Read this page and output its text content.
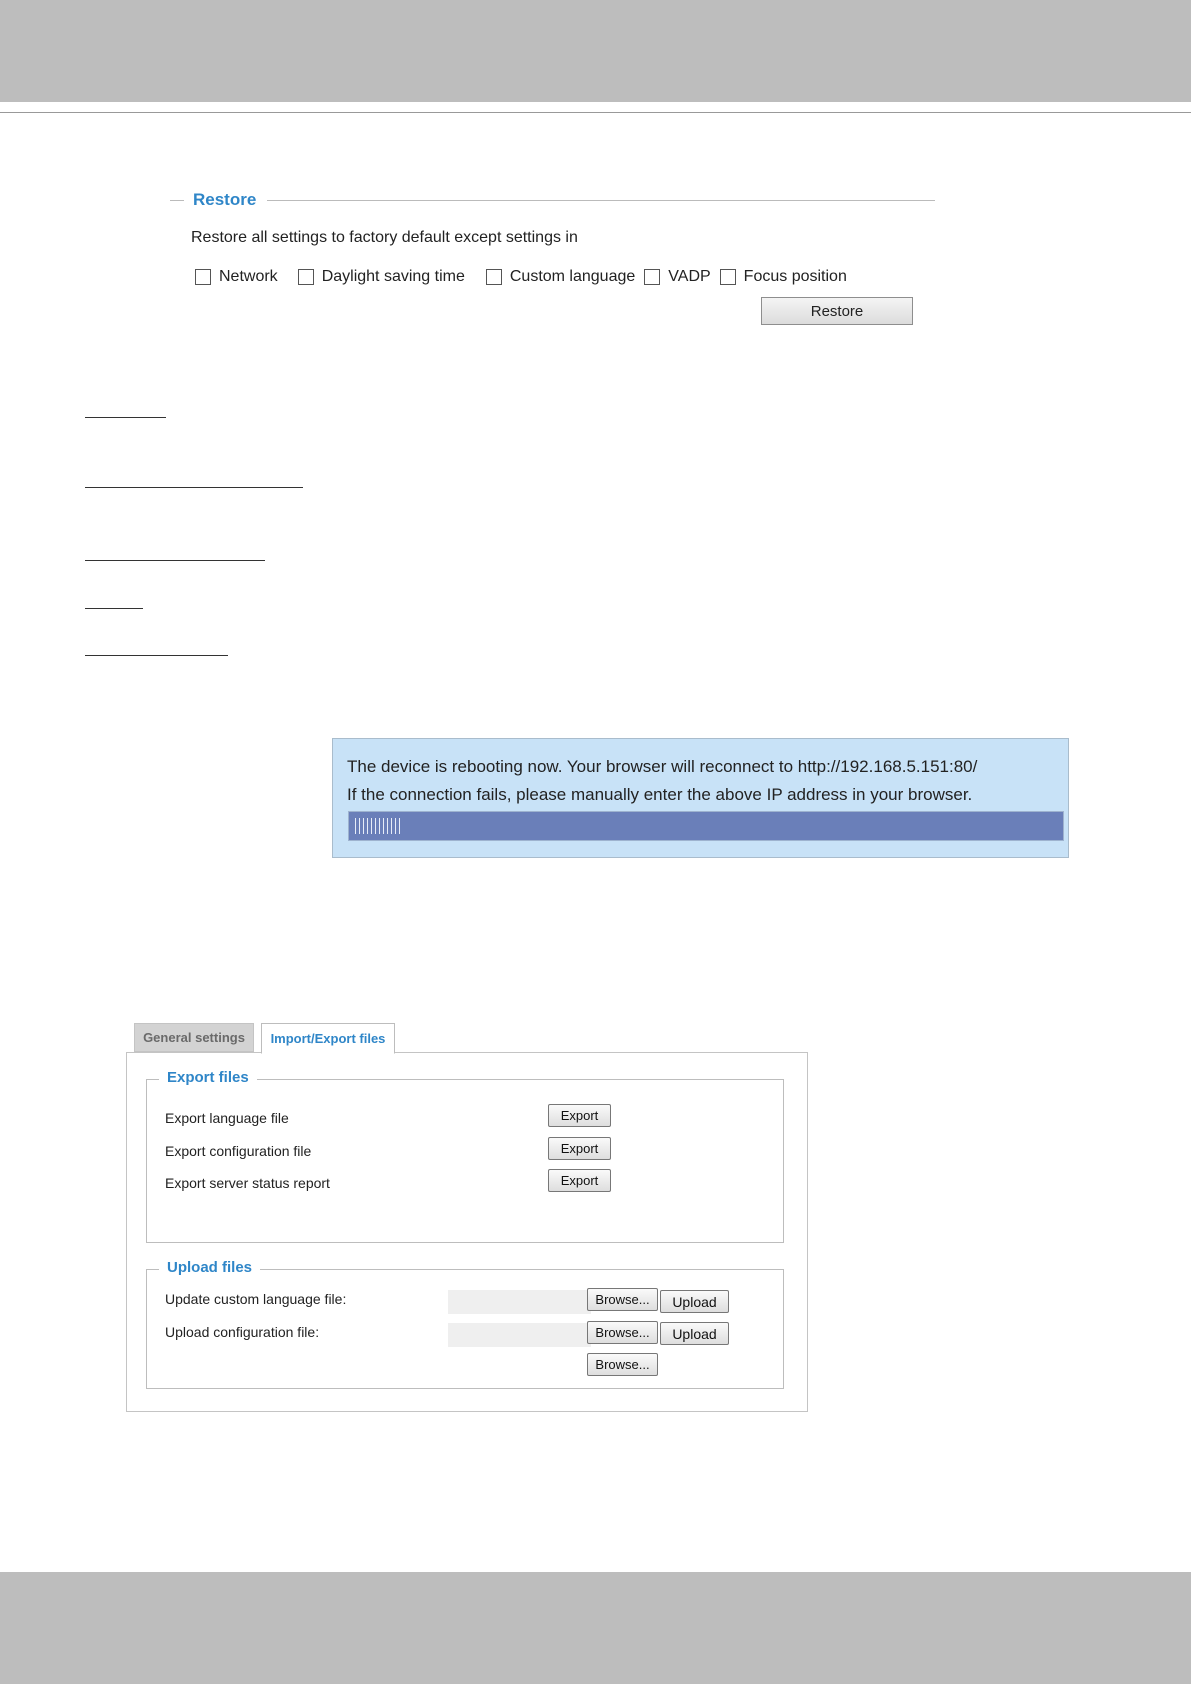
Restore
Restore all settings to factory default except settings in
Network	Daylight saving time	Custom language VADP Focus position
Restore
The device is rebooting now. Your browser will reconnect to http://192.168.5.151:80/
If the connection fails, please manually enter the above IP address in your browser.
General settings	Import/Export files
Export files
Export language file	Export
Export configuration file	Export
Export server status report	Export
Upload files
Update custom language file:	Browse...	Upload
Upload configuration file:	Browse...	Upload
Browse...
